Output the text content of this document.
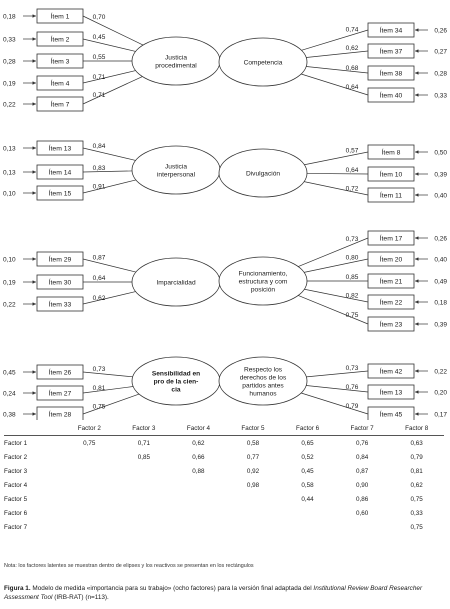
0,70
0,18	Ítem 1
0,45
0,33	Ítem 2
0,55
0,28	Ítem 3
0,71
0,19	Ítem 4
0,71
0,22	Ítem 7
Justicia
procedimental
0,74	0,26
Ítem 34
0,62	0,27
Ítem 37
0,68
0,28
Ítem 38
0,64
0,33
Ítem 40
Competencia
0,84
0,13	Ítem 13
0,83
0,13	Ítem 14
0,91
0,10	Ítem 15
Justicia
interpersonal
0,57	0,50
Ítem 8
0,64
0,39
Ítem 10
0,72
0,40
Ítem 11
Divulgación
0,87
0,10	Ítem 29
0,64
0,19	Ítem 30
0,62
0,22	Ítem 33
Imparcialidad
0,73	0,26
Ítem 17
0,80	0,40
Ítem 20
0,85
0,49
Ítem 21
0,82
0,18
Ítem 22
0,75
0,39
Ítem 23
Funcionamiento,
estructura y com
posición
0,73
0,45	Ítem 26
0,81
0,24	Ítem 27
0,75
0,38	Ítem 28
Sensibilidad en
pro de la cien-
cia
0,73	0,22
Ítem 42
0,76
0,20
Ítem 13
0,79
0,17
Ítem 45
Respecto los
derechos de los
partidos antes
humanos
	Factor 2	Factor 3	Factor 4	Factor 5	Factor 6	Factor 7	Factor 8
Factor 1	0,75	0,71	0,62	0,58	0,65	0,76	0,63
Factor 2		0,85	0,66	0,77	0,52	0,84	0,79
Factor 3			0,88	0,92	0,45	0,87	0,81
Factor 4				0,98	0,58	0,90	0,62
Factor 5					0,44	0,86	0,75
Factor 6						0,60	0,33
Factor 7							0,75
Nota: los factores latentes se muestran dentro de elipses y los reactivos se presentan en los rectángulos
Figura 1. Modelo de medida «importancia para su trabajo» (ocho factores) para la versión final adaptada del Institutional Review Board Researcher Assessment Tool (IRB-RAT) (n=113).
